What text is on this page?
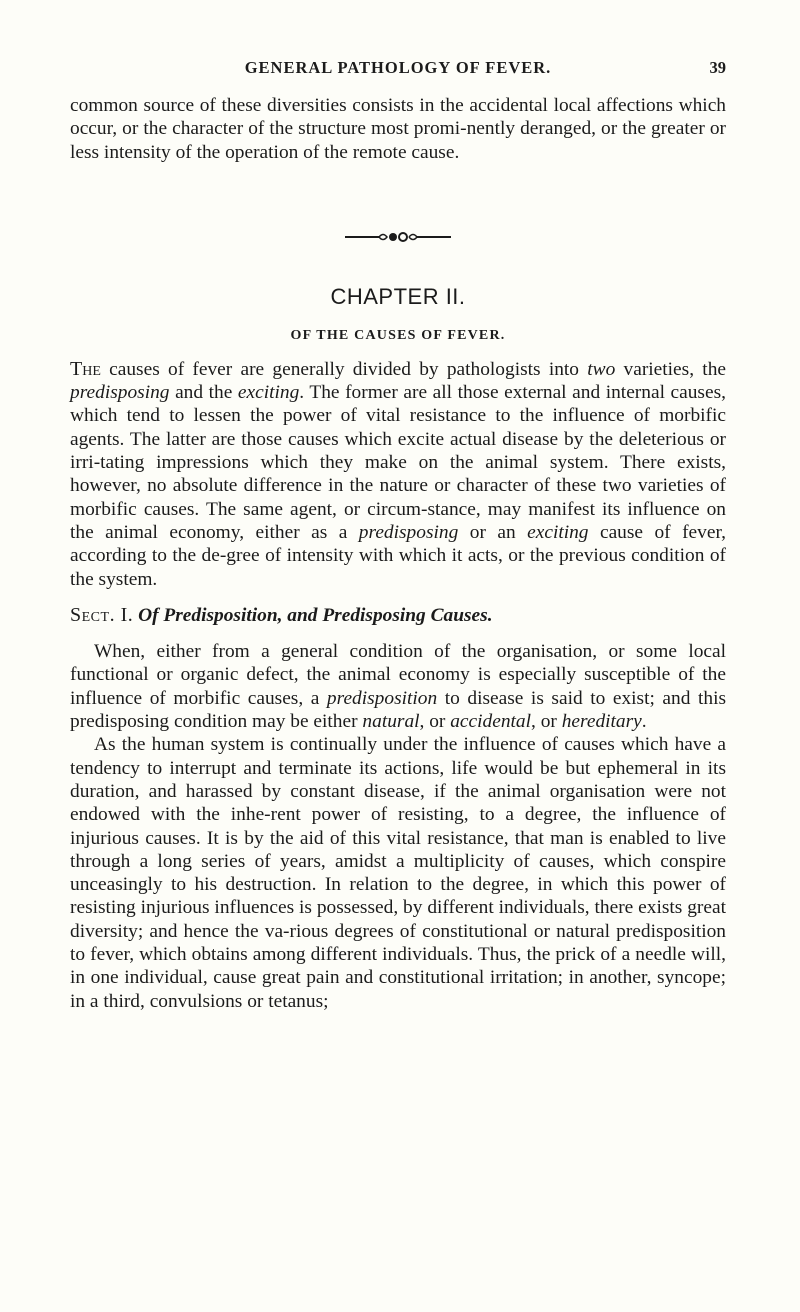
GENERAL PATHOLOGY OF FEVER.	39

common source of these diversities consists in the accidental local affections which occur, or the character of the structure most promi-nently deranged, or the greater or less intensity of the operation of the remote cause.

CHAPTER II.
OF THE CAUSES OF FEVER.

The causes of fever are generally divided by pathologists into two varieties, the predisposing and the exciting. The former are all those external and internal causes, which tend to lessen the power of vital resistance to the influence of morbific agents. The latter are those causes which excite actual disease by the deleterious or irri-tating impressions which they make on the animal system. There exists, however, no absolute difference in the nature or character of these two varieties of morbific causes. The same agent, or circum-stance, may manifest its influence on the animal economy, either as a predisposing or an exciting cause of fever, according to the de-gree of intensity with which it acts, or the previous condition of the system.

Sect. I. Of Predisposition, and Predisposing Causes.

When, either from a general condition of the organisation, or some local functional or organic defect, the animal economy is especially susceptible of the influence of morbific causes, a predisposition to disease is said to exist; and this predisposing condition may be either natural, or accidental, or hereditary.

As the human system is continually under the influence of causes which have a tendency to interrupt and terminate its actions, life would be but ephemeral in its duration, and harassed by constant disease, if the animal organisation were not endowed with the inhe-rent power of resisting, to a degree, the influence of injurious causes. It is by the aid of this vital resistance, that man is enabled to live through a long series of years, amidst a multiplicity of causes, which conspire unceasingly to his destruction. In relation to the degree, in which this power of resisting injurious influences is possessed, by different individuals, there exists great diversity; and hence the va-rious degrees of constitutional or natural predisposition to fever, which obtains among different individuals. Thus, the prick of a needle will, in one individual, cause great pain and constitutional irritation; in another, syncope; in a third, convulsions or tetanus;
